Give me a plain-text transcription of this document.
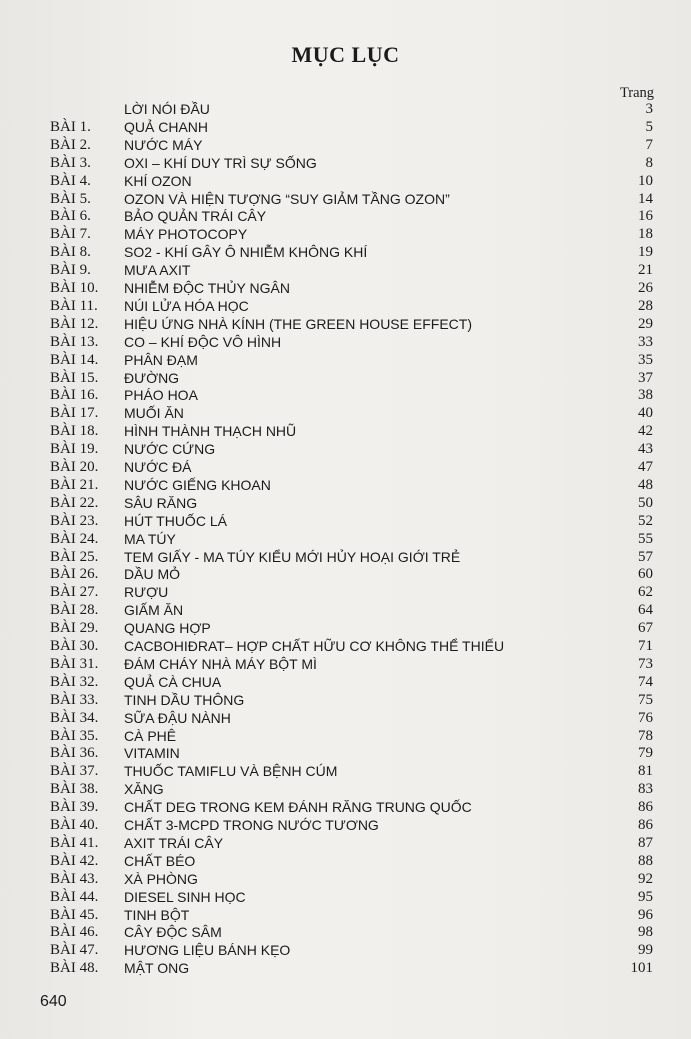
MỤC LỤC
Trang
LỜI NÓI ĐẦU	3
BÀI 1. QUẢ CHANH	5
BÀI 2. NƯỚC MÁY	7
BÀI 3. OXI – KHÍ DUY TRÌ SỰ SỐNG	8
BÀI 4. KHÍ OZON	10
BÀI 5. OZON VÀ HIỆN TƯỢNG “SUY GIẢM TẦNG OZON”	14
BÀI 6. BẢO QUẢN TRÁI CÂY	16
BÀI 7. MÁY PHOTOCOPY	18
BÀI 8. SO2 - KHÍ GÂY Ô NHIỄM KHÔNG KHÍ	19
BÀI 9. MƯA AXIT	21
BÀI 10. NHIỄM ĐỘC THỦY NGÂN	26
BÀI 11. NÚI LỬA HÓA HỌC	28
BÀI 12. HIỆU ỨNG NHÀ KÍNH (THE GREEN HOUSE EFFECT)	29
BÀI 13. CO – KHÍ ĐỘC VÔ HÌNH	33
BÀI 14. PHÂN ĐẠM	35
BÀI 15. ĐƯỜNG	37
BÀI 16. PHÁO HOA	38
BÀI 17. MUỐI ĂN	40
BÀI 18. HÌNH THÀNH THẠCH NHŨ	42
BÀI 19. NƯỚC CỨNG	43
BÀI 20. NƯỚC ĐÁ	47
BÀI 21. NƯỚC GIẾNG KHOAN	48
BÀI 22. SÂU RĂNG	50
BÀI 23. HÚT THUỐC LÁ	52
BÀI 24. MA TÚY	55
BÀI 25. TEM GIẤY - MA TÚY KIỂU MỚI HỦY HOẠI GIỚI TRẺ	57
BÀI 26. DẦU MỎ	60
BÀI 27. RƯỢU	62
BÀI 28. GIẤM ĂN	64
BÀI 29. QUANG HỢP	67
BÀI 30. CACBOHIĐRAT– HỢP CHẤT HỮU CƠ KHÔNG THỂ THIẾU	71
BÀI 31. ĐÁM CHÁY NHÀ MÁY BỘT MÌ	73
BÀI 32. QUẢ CÀ CHUA	74
BÀI 33. TINH DẦU THÔNG	75
BÀI 34. SỮA ĐẬU NÀNH	76
BÀI 35. CÀ PHÊ	78
BÀI 36. VITAMIN	79
BÀI 37. THUỐC TAMIFLU VÀ BỆNH CÚM	81
BÀI 38. XĂNG	83
BÀI 39. CHẤT DEG TRONG KEM ĐÁNH RĂNG TRUNG QUỐC	86
BÀI 40. CHẤT 3-MCPD TRONG NƯỚC TƯƠNG	86
BÀI 41. AXIT TRÁI CÂY	87
BÀI 42. CHẤT BÉO	88
BÀI 43. XÀ PHÒNG	92
BÀI 44. DIESEL SINH HỌC	95
BÀI 45. TINH BỘT	96
BÀI 46. CÂY ĐỘC SÂM	98
BÀI 47. HƯƠNG LIỆU BÁNH KẸO	99
BÀI 48. MẬT ONG	101
640
